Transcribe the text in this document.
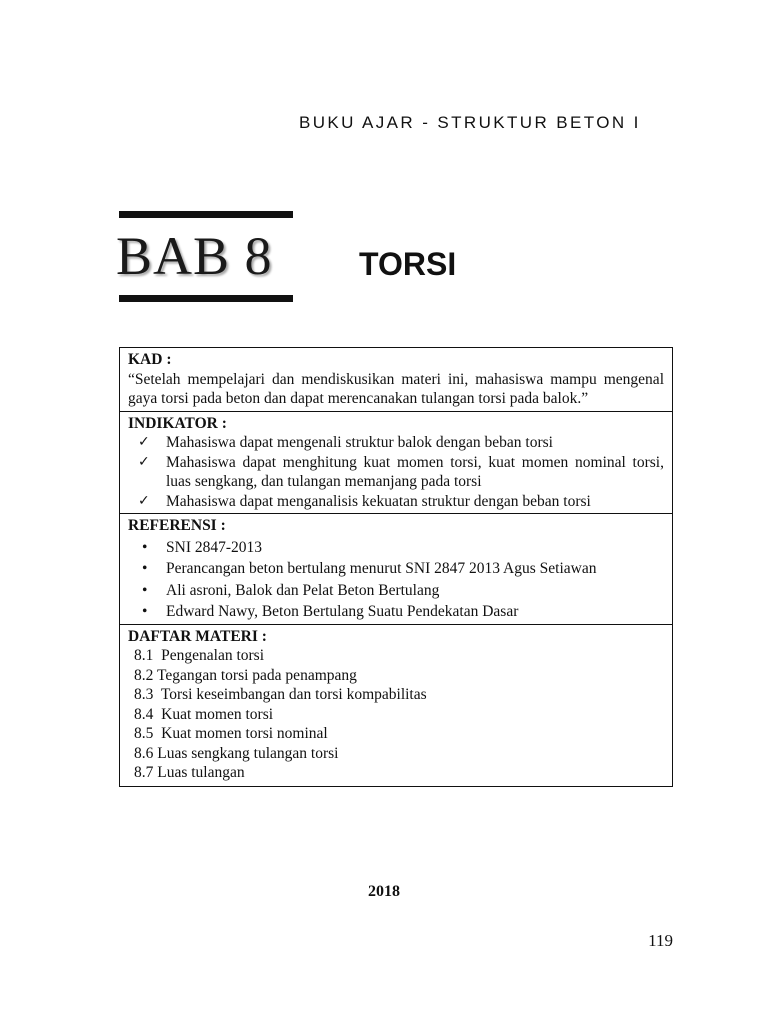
BUKU AJAR - STRUKTUR BETON I
BAB 8	TORSI
KAD :
“Setelah mempelajari dan mendiskusikan materi ini, mahasiswa mampu mengenal gaya torsi pada beton dan dapat merencanakan tulangan torsi pada balok.”
INDIKATOR :
✓ Mahasiswa dapat mengenali struktur balok dengan beban torsi
✓ Mahasiswa dapat menghitung kuat momen torsi, kuat momen nominal torsi, luas sengkang, dan tulangan memanjang pada torsi
✓ Mahasiswa dapat menganalisis kekuatan struktur dengan beban torsi
REFERENSI :
• SNI 2847-2013
• Perancangan beton bertulang menurut SNI 2847 2013 Agus Setiawan
• Ali asroni, Balok dan Pelat Beton Bertulang
• Edward Nawy, Beton Bertulang Suatu Pendekatan Dasar
DAFTAR MATERI :
8.1  Pengenalan torsi
8.2 Tegangan torsi pada penampang
8.3  Torsi keseimbangan dan torsi kompabilitas
8.4  Kuat momen torsi
8.5  Kuat momen torsi nominal
8.6 Luas sengkang tulangan torsi
8.7 Luas tulangan
2018
119
